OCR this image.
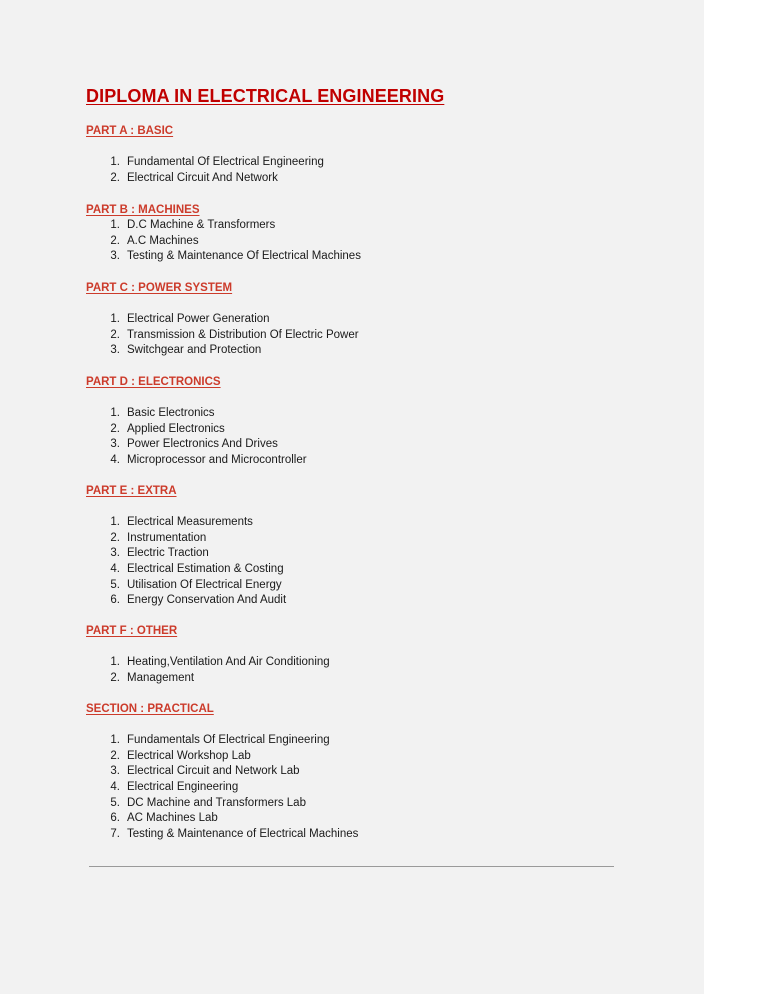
DIPLOMA IN ELECTRICAL ENGINEERING
PART A : BASIC
1. Fundamental Of Electrical Engineering
2. Electrical Circuit And Network
PART B : MACHINES
1. D.C Machine & Transformers
2. A.C Machines
3. Testing & Maintenance Of Electrical Machines
PART C : POWER SYSTEM
1. Electrical Power Generation
2. Transmission & Distribution Of Electric Power
3. Switchgear and Protection
PART D : ELECTRONICS
1. Basic Electronics
2. Applied Electronics
3. Power Electronics And Drives
4. Microprocessor and Microcontroller
PART E : EXTRA
1. Electrical Measurements
2. Instrumentation
3. Electric Traction
4. Electrical Estimation & Costing
5. Utilisation Of Electrical Energy
6. Energy Conservation And Audit
PART F : OTHER
1. Heating,Ventilation And Air Conditioning
2. Management
SECTION : PRACTICAL
1. Fundamentals Of Electrical Engineering
2. Electrical Workshop Lab
3. Electrical Circuit and Network Lab
4. Electrical Engineering
5. DC Machine and Transformers Lab
6. AC Machines Lab
7. Testing & Maintenance of Electrical Machines
